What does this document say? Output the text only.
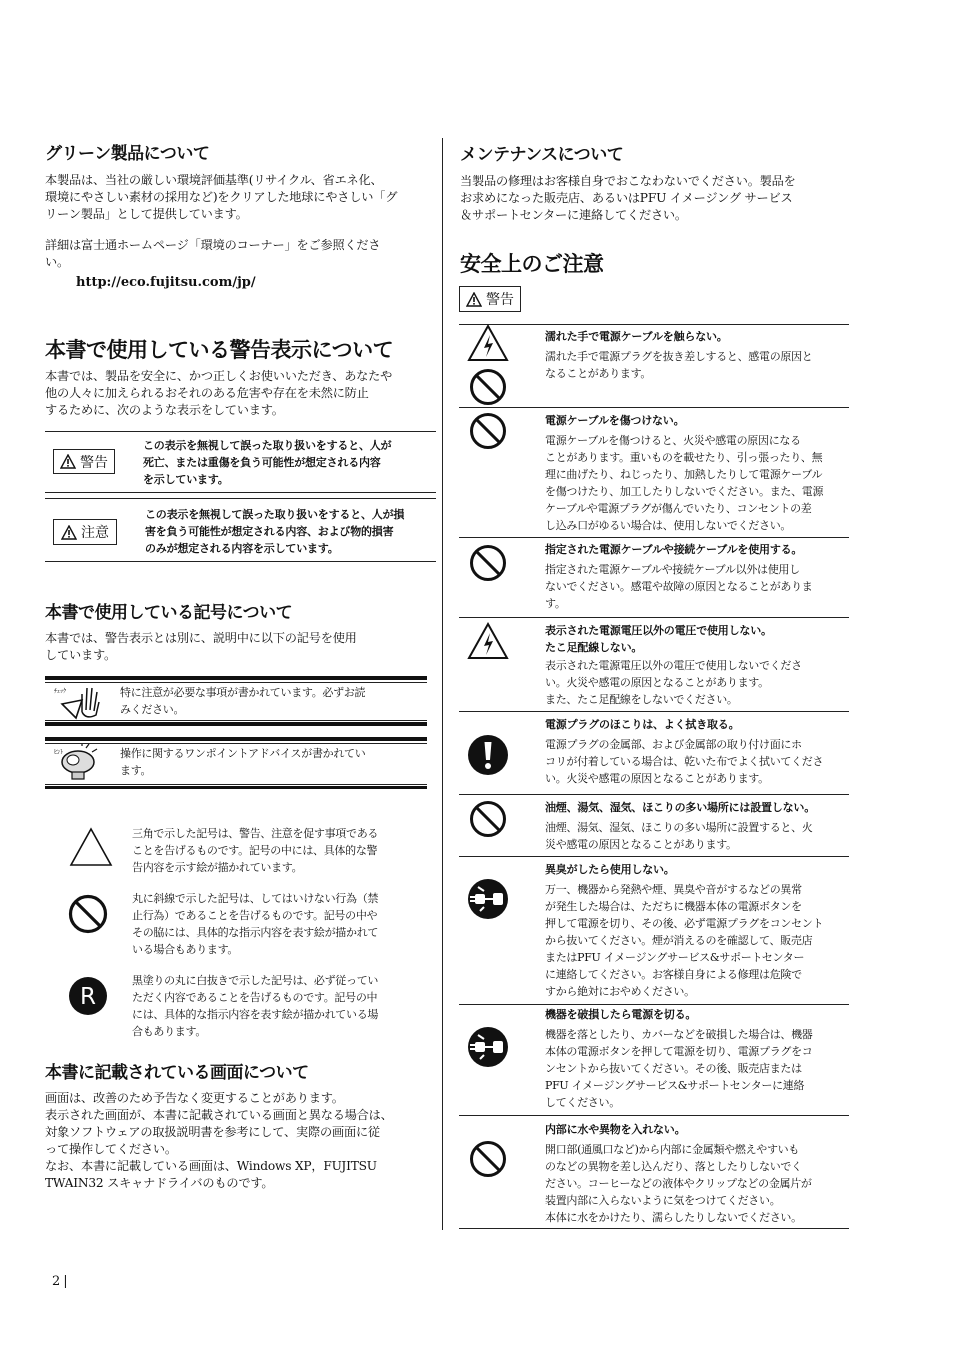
グリーン製品について
本製品は、当社の厳しい環境評価基準(リサイクル、省エネ化、
環境にやさしい素材の採用など)をクリアした地球にやさしい「グ
リーン製品」として提供しています。
詳細は富士通ホームページ「環境のコーナー」をご参照くださ
い。
http://eco.fujitsu.com/jp/
本書で使用している警告表示について
本書では、製品を安全に、かつ正しくお使いいただき、あなたや
他の人々に加えられるおそれのある危害や存在を未然に防止
するために、次のような表示をしています。
警告
この表示を無視して誤った取り扱いをすると、人が
死亡、または重傷を負う可能性が想定される内容
を示しています。
注意
この表示を無視して誤った取り扱いをすると、人が損
害を負う可能性が想定される内容、および物的損害
のみが想定される内容を示しています。
本書で使用している記号について
本書では、警告表示とは別に、説明中に以下の記号を使用
しています。
ﾁｪｯｸ	特に注意が必要な事項が書かれています。必ずお読
みください。
ﾋﾝﾄ	操作に関するワンポイントアドバイスが書かれてい
ます。
三角で示した記号は、警告、注意を促す事項である
ことを告げるものです。記号の中には、具体的な警
告内容を示す絵が描かれています。
丸に斜線で示した記号は、してはいけない行為（禁
止行為）であることを告げるものです。記号の中や
その脇には、具体的な指示内容を表す絵が描かれて
いる場合もあります。
R
黒塗りの丸に白抜きで示した記号は、必ず従ってい
ただく内容であることを告げるものです。記号の中
には、具体的な指示内容を表す絵が描かれている場
合もあります。
本書に記載されている画面について
画面は、改善のため予告なく変更することがあります。
表示された画面が、本書に記載されている画面と異なる場合は、
対象ソフトウェアの取扱説明書を参考にして、実際の画面に従
って操作してください。
なお、本書に記載している画面は、Windows XP，FUJITSU
TWAIN32 スキャナドライバのものです。
メンテナンスについて
当製品の修理はお客様自身でおこなわないでください。製品を
お求めになった販売店、あるいはPFU イメージング サービス
＆サポートセンターに連絡してください。
安全上のご注意
警告
濡れた手で電源ケーブルを触らない。
濡れた手で電源プラグを抜き差しすると、感電の原因と
なることがあります。
電源ケーブルを傷つけない。
電源ケーブルを傷つけると、火災や感電の原因になる
ことがあります。重いものを載せたり、引っ張ったり、無
理に曲げたり、ねじったり、加熱したりして電源ケーブル
を傷つけたり、加工したりしないでください。また、電源
ケーブルや電源プラグが傷んでいたり、コンセントの差
し込み口がゆるい場合は、使用しないでください。
指定された電源ケーブルや接続ケーブルを使用する。
指定された電源ケーブルや接続ケーブル以外は使用し
ないでください。感電や故障の原因となることがありま
す。
表示された電源電圧以外の電圧で使用しない。
たこ足配線しない。
表示された電源電圧以外の電圧で使用しないでくださ
い。火災や感電の原因となることがあります。
また、たこ足配線をしないでください。
電源プラグのほこりは、よく拭き取る。
電源プラグの金属部、および金属部の取り付け面にホ
コリが付着している場合は、乾いた布でよく拭いてくださ
い。火災や感電の原因となることがあります。
油煙、湯気、湿気、ほこりの多い場所には設置しない。
油煙、湯気、湿気、ほこりの多い場所に設置すると、火
災や感電の原因となることがあります。
異臭がしたら使用しない。
万一、機器から発熱や煙、異臭や音がするなどの異常
が発生した場合は、ただちに機器本体の電源ボタンを
押して電源を切り、その後、必ず電源プラグをコンセント
から抜いてください。煙が消えるのを確認して、販売店
またはPFU イメージングサービス&サポートセンター
に連絡してください。お客様自身による修理は危険で
すから絶対におやめください。
機器を破損したら電源を切る。
機器を落としたり、カバーなどを破損した場合は、機器
本体の電源ボタンを押して電源を切り、電源プラグをコ
ンセントから抜いてください。その後、販売店または
PFU イメージングサービス&サポートセンターに連絡
してください。
内部に水や異物を入れない。
開口部(通風口など)から内部に金属類や燃えやすいも
のなどの異物を差し込んだり、落としたりしないでく
ださい。コーヒーなどの液体やクリップなどの金属片が
装置内部に入らないように気をつけてください。
本体に水をかけたり、濡らしたりしないでください。
2 |
